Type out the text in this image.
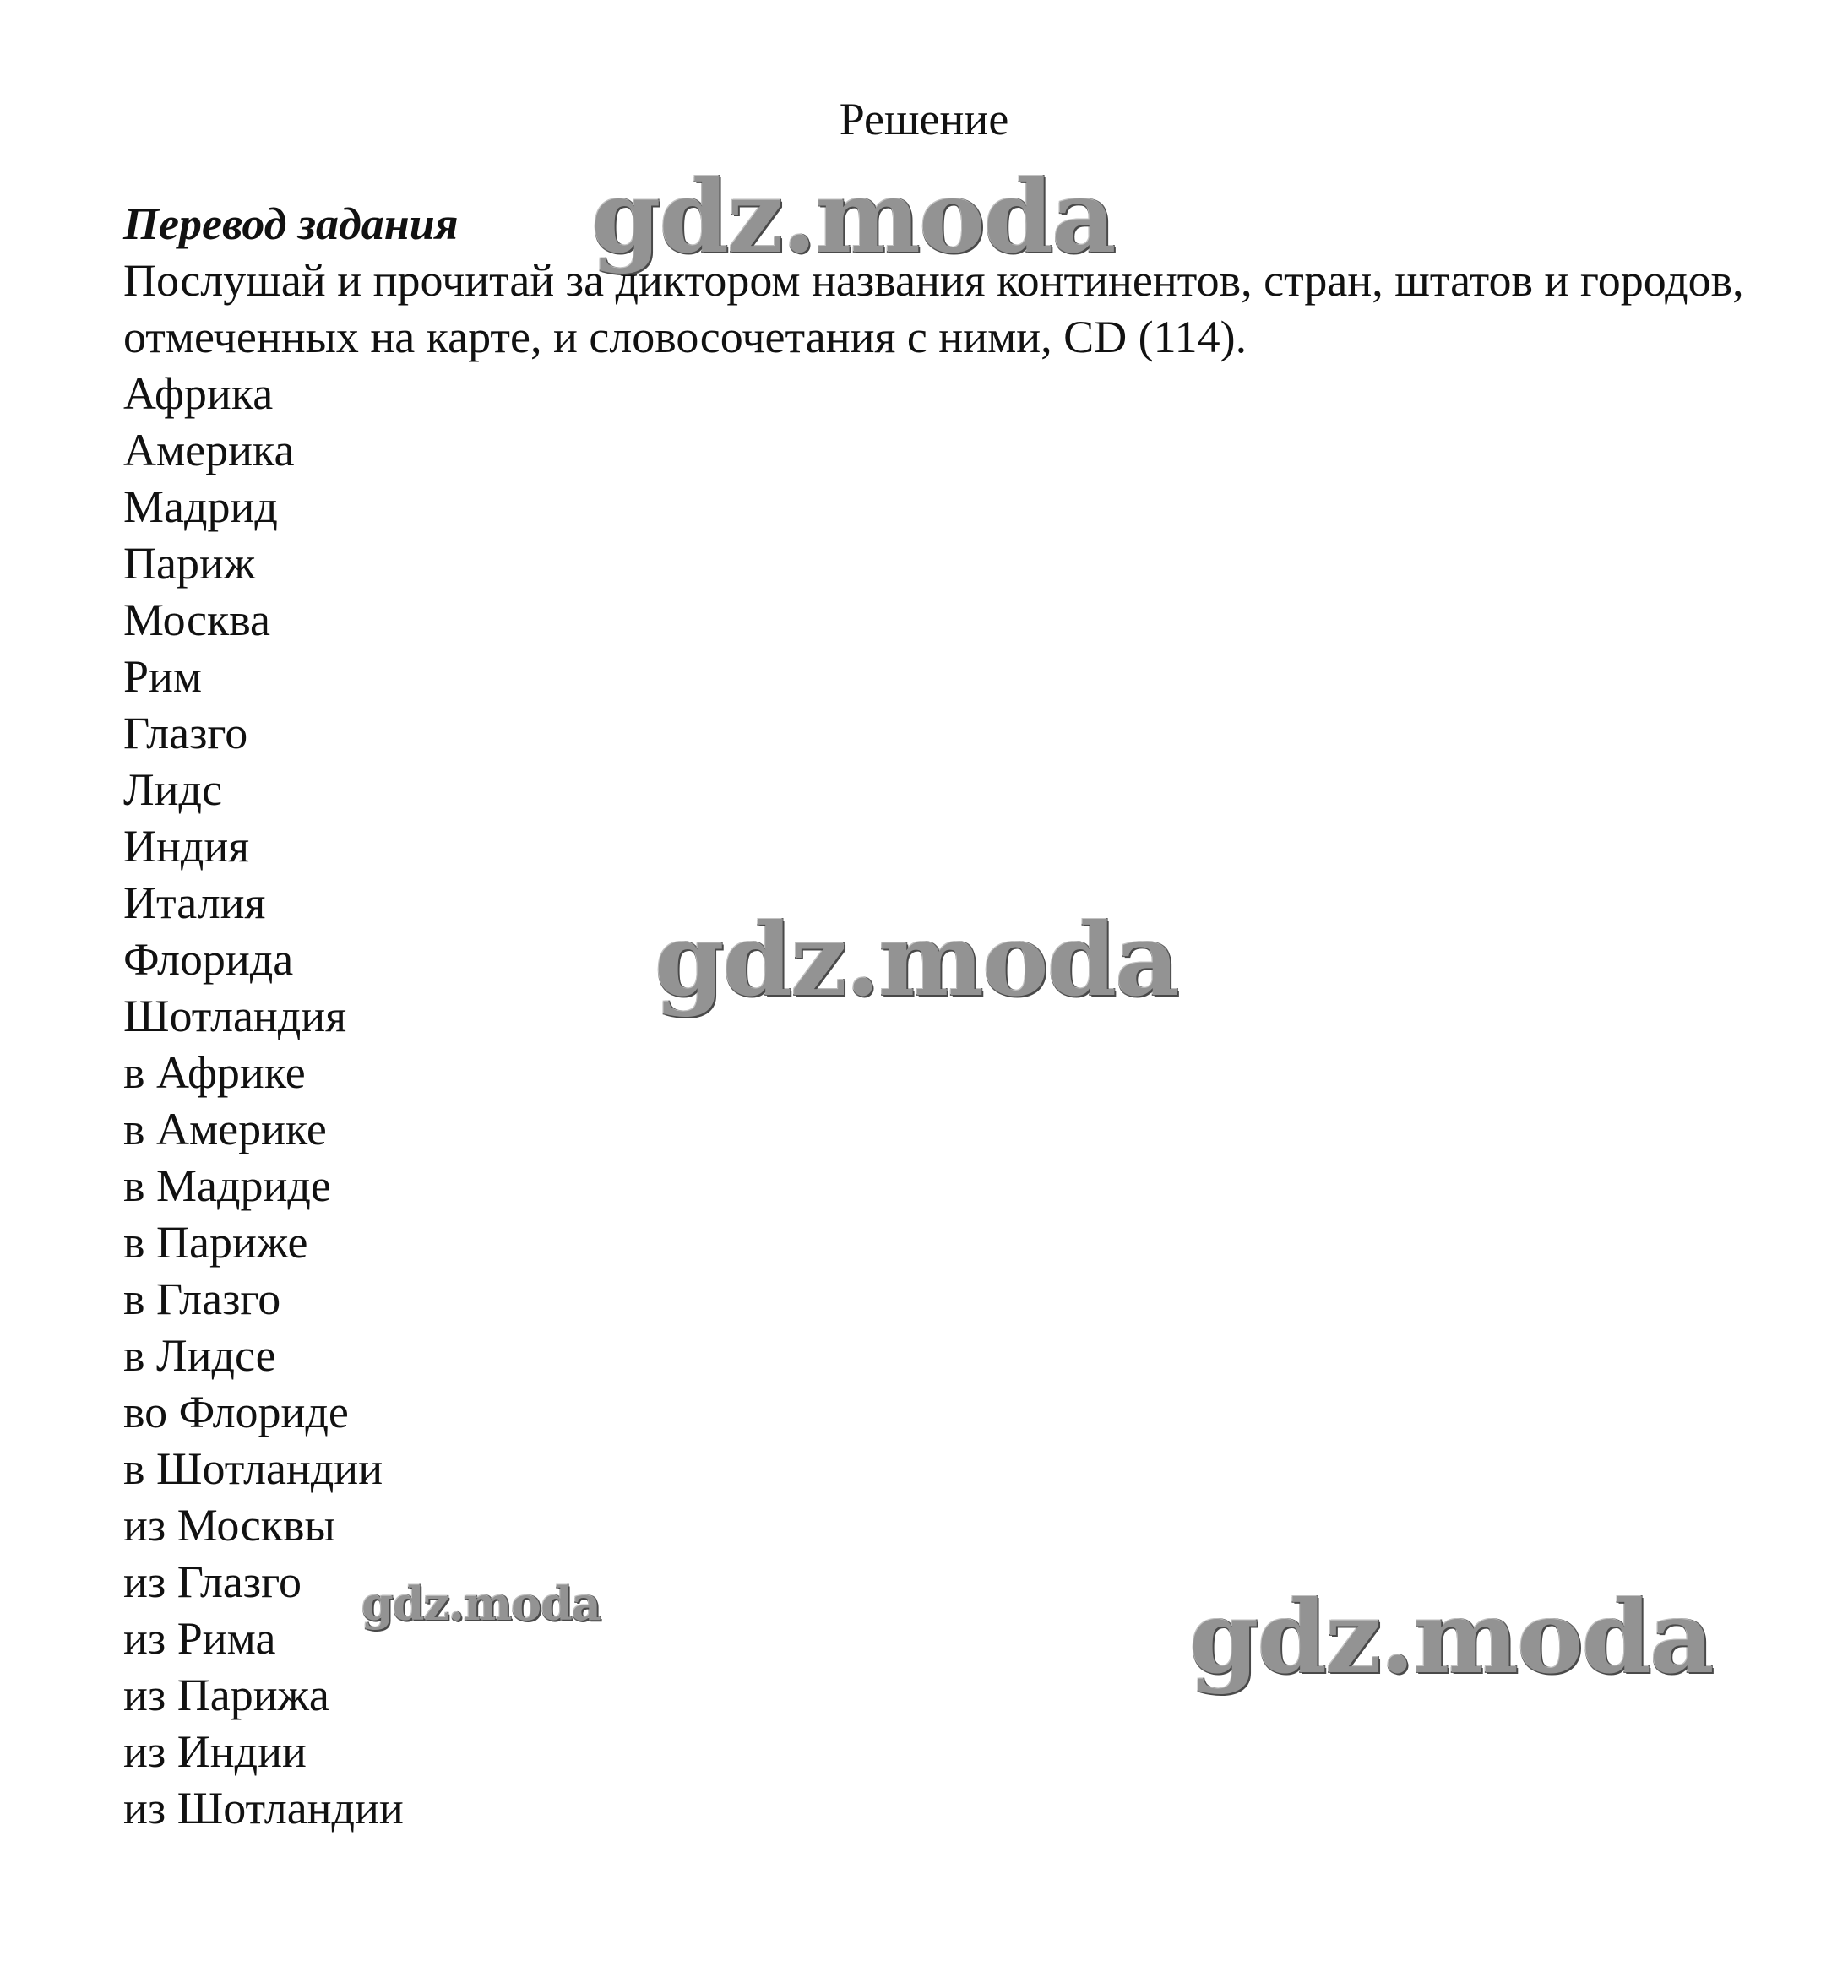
Решение

Перевод задания

Послушай и прочитай за диктором названия континентов, стран, штатов и городов, отмеченных на карте, и словосочетания с ними, CD (114).

Африка
Америка
Мадрид
Париж
Москва
Рим
Глазго
Лидс
Индия
Италия
Флорида
Шотландия
в Африке
в Америке
в Мадриде
в Париже
в Глазго
в Лидсе
во Флориде
в Шотландии
из Москвы
из Глазго
из Рима
из Парижа
из Индии
из Шотландии
gdz.moda
gdz.moda
gdz.moda	gdz.moda
